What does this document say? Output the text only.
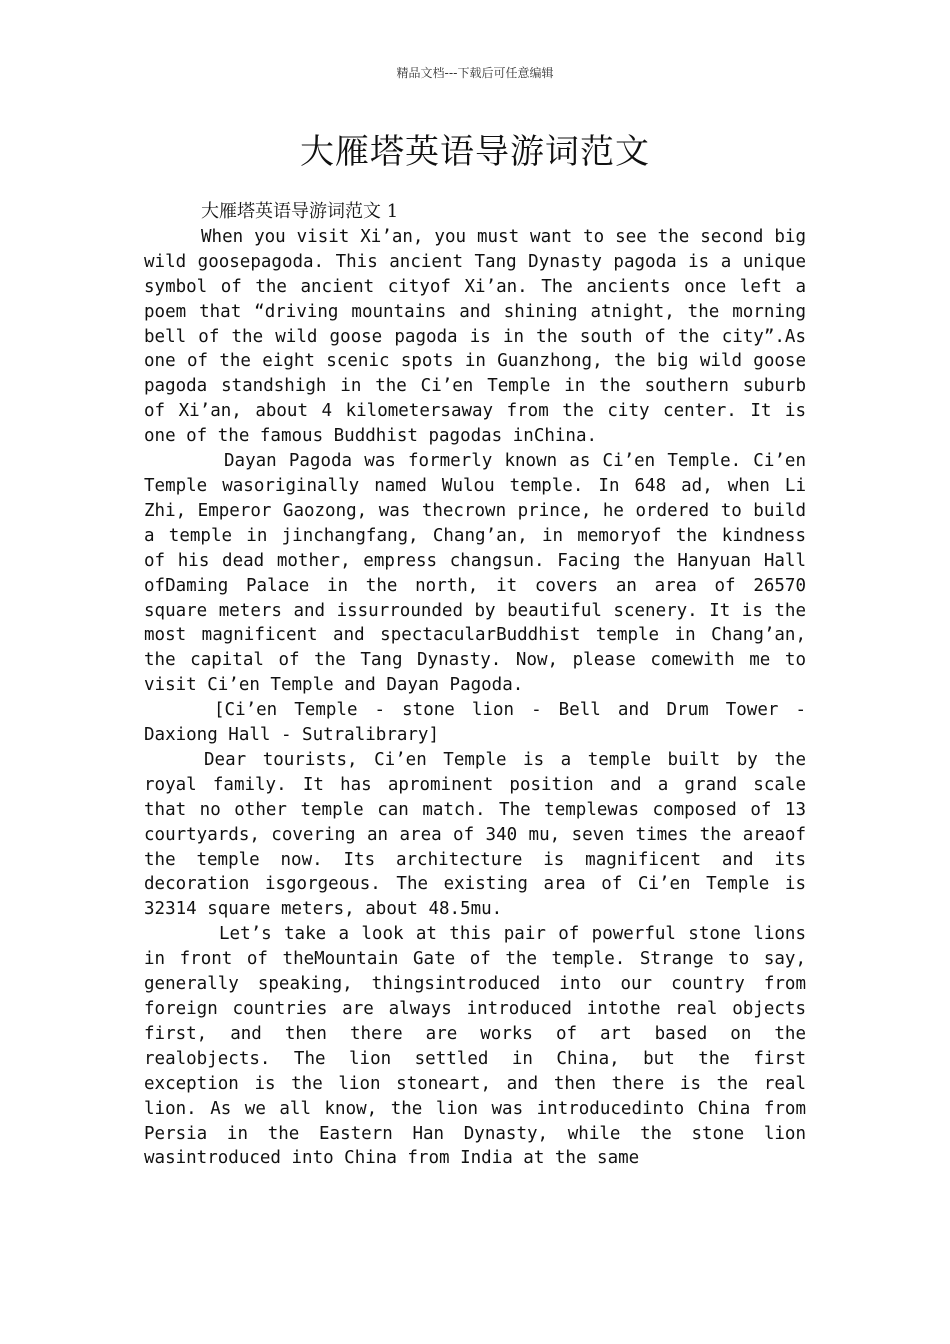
精品文档---下载后可任意编辑
大雁塔英语导游词范文

大雁塔英语导游词范文 1

When you visit Xi’an, you must want to see the second big wild goosepagoda. This ancient Tang Dynasty pagoda is a unique symbol of the ancient cityof Xi’an. The ancients once left a poem that “driving mountains and shining atnight, the morning bell of the wild goose pagoda is in the south of the city”.As one of the eight scenic spots in Guanzhong, the big wild goose pagoda standshigh in the Ci’en Temple in the southern suburb of Xi’an, about 4 kilometersaway from the city center. It is one of the famous Buddhist pagodas inChina.

Dayan Pagoda was formerly known as Ci’en Temple. Ci’en Temple wasoriginally named Wulou temple. In 648 ad, when Li Zhi, Emperor Gaozong, was thecrown prince, he ordered to build a temple in jinchangfang, Chang’an, in memoryof the kindness of his dead mother, empress changsun. Facing the Hanyuan Hall ofDaming Palace in the north, it covers an area of 26570 square meters and issurrounded by beautiful scenery. It is the most magnificent and spectacularBuddhist temple in Chang’an, the capital of the Tang Dynasty. Now, please comewith me to visit Ci’en Temple and Dayan Pagoda.

[Ci’en Temple - stone lion - Bell and Drum Tower - Daxiong Hall - Sutralibrary]

Dear tourists, Ci’en Temple is a temple built by the royal family. It has aprominent position and a grand scale that no other temple can match. The templewas composed of 13 courtyards, covering an area of 340 mu, seven times the areaof the temple now. Its architecture is magnificent and its decoration isgorgeous. The existing area of Ci’en Temple is 32314 square meters, about 48.5mu.

Let’s take a look at this pair of powerful stone lions in front of theMountain Gate of the temple. Strange to say, generally speaking, thingsintroduced into our country from foreign countries are always introduced intothe real objects first, and then there are works of art based on the realobjects. The lion settled in China, but the first exception is the lion stoneart, and then there is the real lion. As we all know, the lion was introducedinto China from Persia in the Eastern Han Dynasty, while the stone lion wasintroduced into China from India at the same
